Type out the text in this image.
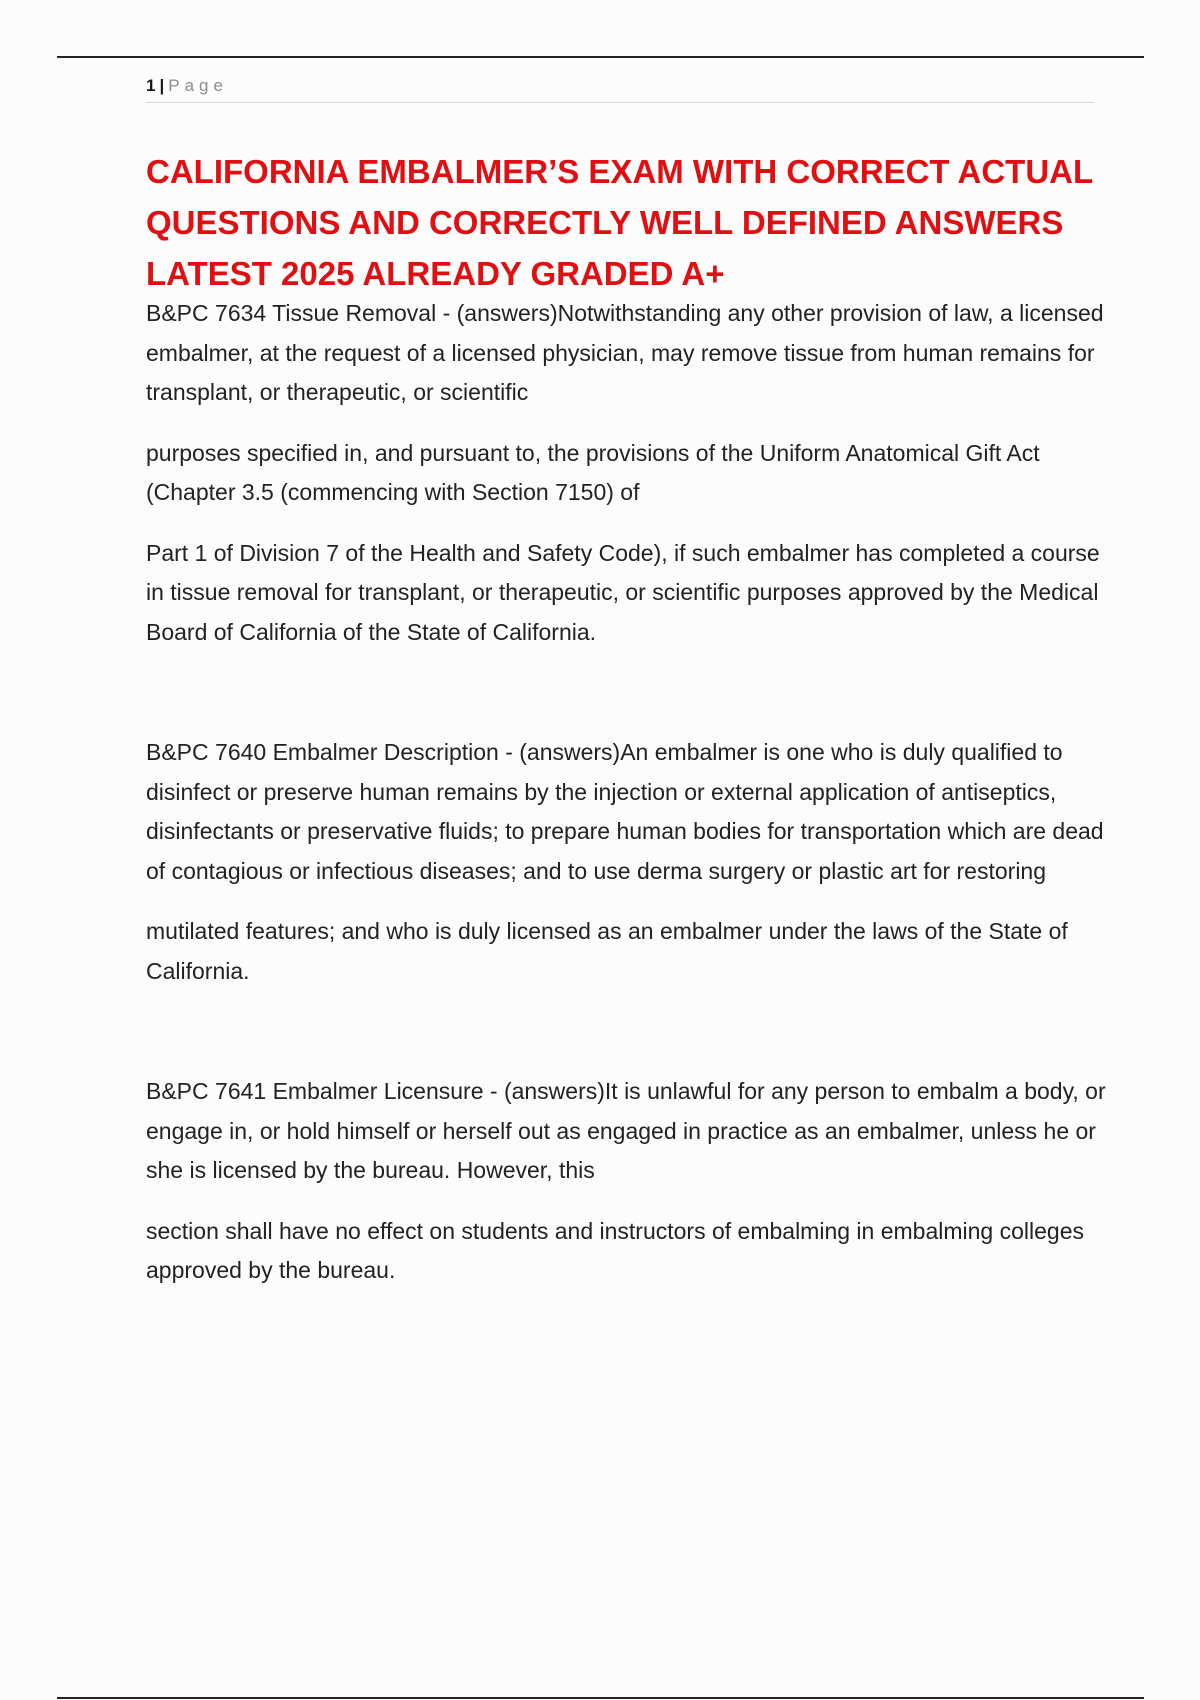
1 | Page
CALIFORNIA EMBALMER’S EXAM WITH CORRECT ACTUAL QUESTIONS AND CORRECTLY WELL DEFINED ANSWERS LATEST 2025 ALREADY GRADED A+

B&PC 7634 Tissue Removal - (answers)Notwithstanding any other provision of law, a licensed embalmer, at the request of a licensed physician, may remove tissue from human remains for transplant, or therapeutic, or scientific

purposes specified in, and pursuant to, the provisions of the Uniform Anatomical Gift Act (Chapter 3.5 (commencing with Section 7150) of

Part 1 of Division 7 of the Health and Safety Code), if such embalmer has completed a course in tissue removal for transplant, or therapeutic, or scientific purposes approved by the Medical Board of California of the State of California.

B&PC 7640 Embalmer Description - (answers)An embalmer is one who is duly qualified to disinfect or preserve human remains by the injection or external application of antiseptics, disinfectants or preservative fluids; to prepare human bodies for transportation which are dead of contagious or infectious diseases; and to use derma surgery or plastic art for restoring

mutilated features; and who is duly licensed as an embalmer under the laws of the State of California.

B&PC 7641 Embalmer Licensure - (answers)It is unlawful for any person to embalm a body, or engage in, or hold himself or herself out as engaged in practice as an embalmer, unless he or she is licensed by the bureau. However, this

section shall have no effect on students and instructors of embalming in embalming colleges approved by the bureau.
